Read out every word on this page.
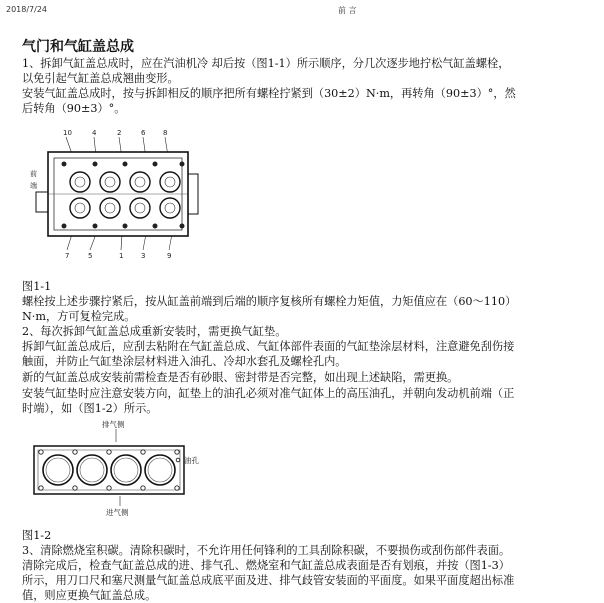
2018/7/24	前 言
气门和气缸盖总成
1、拆卸气缸盖总成时，应在汽油机冷 却后按（图1-1）所示顺序，分几次逐步地拧松气缸盖螺栓，
以免引起气缸盖总成翘曲变形。
安装气缸盖总成时，按与拆卸相反的顺序把所有螺栓拧紧到（30±2）N·m，再转角（90±3）°，然
后转角（90±3）°。
10	4	2	6	8
7	5	1	3	9
前
端
图1-1
螺栓按上述步骤拧紧后，按从缸盖前端到后端的顺序复核所有螺栓力矩值，力矩值应在（60～110）
N·m，方可复检完成。
2、每次拆卸气缸盖总成重新安装时，需更换气缸垫。
拆卸气缸盖总成后，应刮去粘附在气缸盖总成、气缸体部件表面的气缸垫涂层材料，注意避免刮伤接
触面，并防止气缸垫涂层材料进入油孔、冷却水套孔及螺栓孔内。
新的气缸盖总成安装前需检查是否有砂眼、密封带是否完整，如出现上述缺陷，需更换。
安装气缸垫时应注意安装方向，缸垫上的油孔必须对准气缸体上的高压油孔，并朝向发动机前端（正
时端），如（图1-2）所示。
排气侧
油孔
进气侧
图1-2
3、清除燃烧室积碳。清除积碳时，不允许用任何锋利的工具刮除积碳，不要损伤或刮伤部件表面。
清除完成后，检查气缸盖总成的进、排气孔、燃烧室和气缸盖总成表面是否有划痕，并按（图1-3）
所示，用刀口尺和塞尺测量气缸盖总成底平面及进、排气歧管安装面的平面度。如果平面度超出标准
值，则应更换气缸盖总成。
